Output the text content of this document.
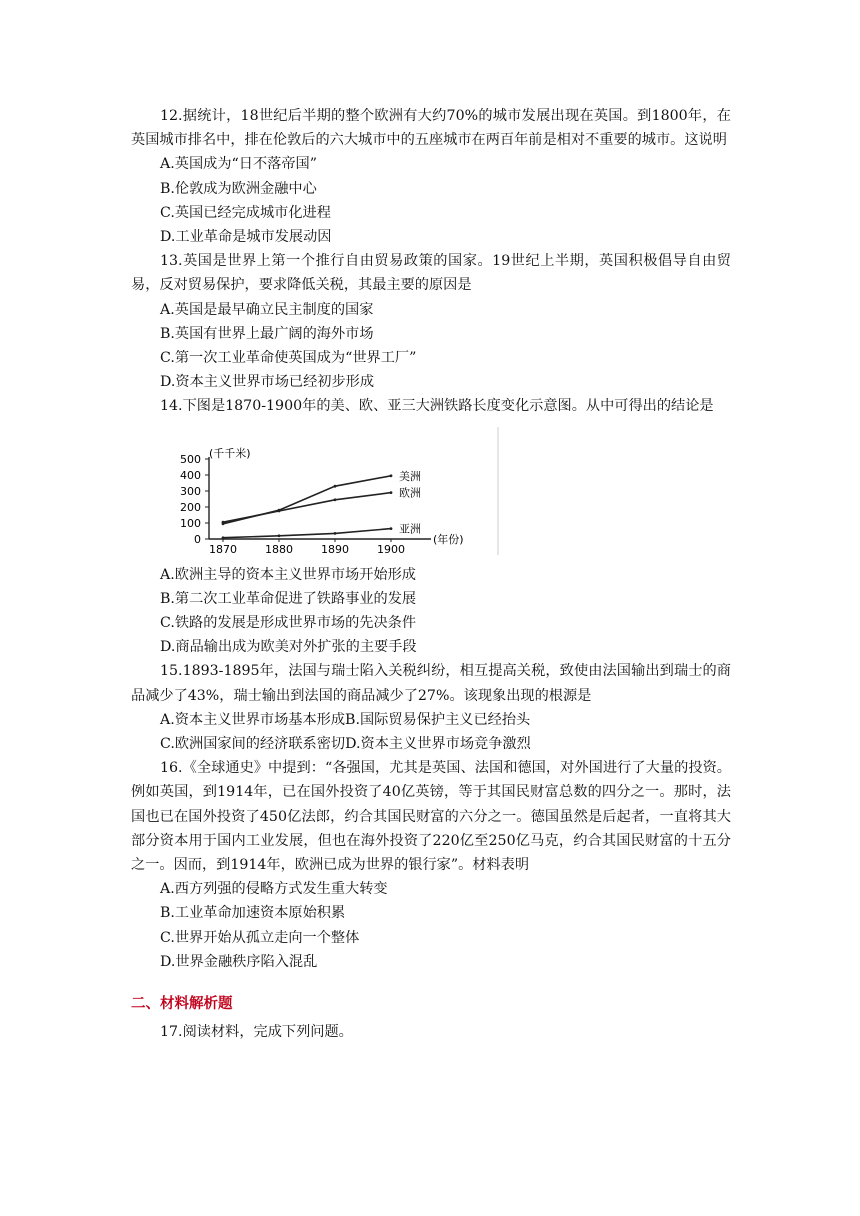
12.据统计，18世纪后半期的整个欧洲有大约70%的城市发展出现在英国。到1800年，在英国城市排名中，排在伦敦后的六大城市中的五座城市在两百年前是相对不重要的城市。这说明

A.英国成为“日不落帝国”

B.伦敦成为欧洲金融中心

C.英国已经完成城市化进程

D.工业革命是城市发展动因

13.英国是世界上第一个推行自由贸易政策的国家。19世纪上半期，英国积极倡导自由贸易，反对贸易保护，要求降低关税，其最主要的原因是

A.英国是最早确立民主制度的国家

B.英国有世界上最广阔的海外市场

C.第一次工业革命使英国成为“世界工厂”

D.资本主义世界市场已经初步形成

14.下图是1870-1900年的美、欧、亚三大洲铁路长度变化示意图。从中可得出的结论是

(千千米)
(年份)
500
400
300
200
100
0
1870	1880	1890	1900
美洲
欧洲
亚洲

A.欧洲主导的资本主义世界市场开始形成

B.第二次工业革命促进了铁路事业的发展

C.铁路的发展是形成世界市场的先决条件

D.商品输出成为欧美对外扩张的主要手段

15.1893-1895年，法国与瑞士陷入关税纠纷，相互提高关税，致使由法国输出到瑞士的商品减少了43%，瑞士输出到法国的商品减少了27%。该现象出现的根源是

A.资本主义世界市场基本形成B.国际贸易保护主义已经抬头

C.欧洲国家间的经济联系密切D.资本主义世界市场竞争激烈

16.《全球通史》中提到：“各强国，尤其是英国、法国和德国，对外国进行了大量的投资。例如英国，到1914年，已在国外投资了40亿英镑，等于其国民财富总数的四分之一。那时，法国也已在国外投资了450亿法郎，约合其国民财富的六分之一。德国虽然是后起者，一直将其大部分资本用于国内工业发展，但也在海外投资了220亿至250亿马克，约合其国民财富的十五分之一。因而，到1914年，欧洲已成为世界的银行家”。材料表明

A.西方列强的侵略方式发生重大转变

B.工业革命加速资本原始积累

C.世界开始从孤立走向一个整体

D.世界金融秩序陷入混乱

二、材料解析题

17.阅读材料，完成下列问题。
